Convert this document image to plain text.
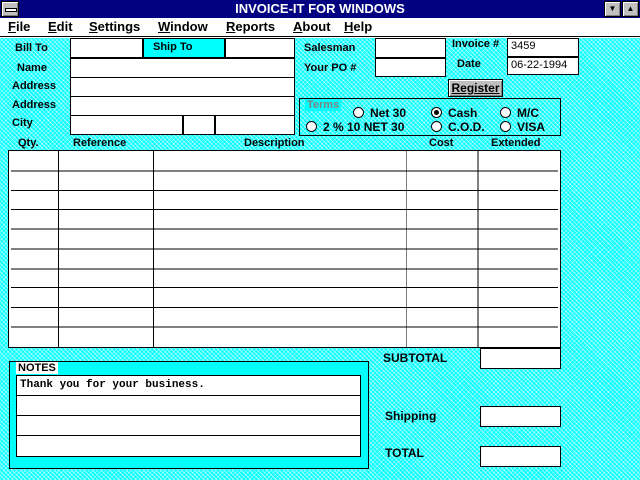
INVOICE-IT FOR WINDOWS	▼	▲
File Edit Settings Window Reports About Help
Bill To
Name
Address
Address
City
Ship To	Salesman
Your PO #
Invoice #
Date
3459
06-22-1994
Register
Terms
Net 30	Cash	M/C
2 % 10 NET 30	C.O.D.	VISA
Qty.	Reference	Description	Cost	Extended
NOTES
Thank you for your business.
SUBTOTAL
Shipping
TOTAL
